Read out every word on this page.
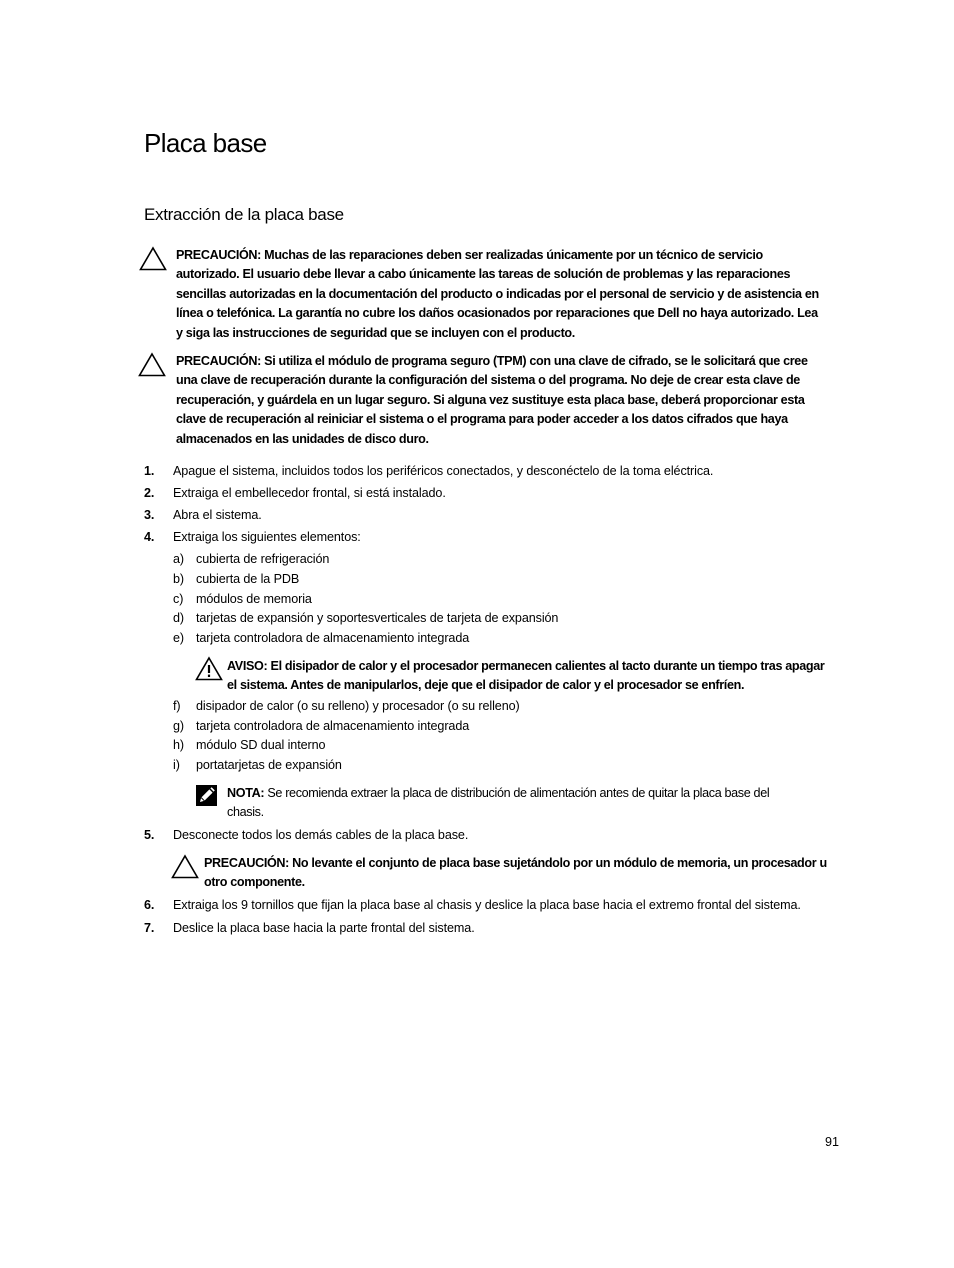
Placa base
Extracción de la placa base
PRECAUCIÓN: Muchas de las reparaciones deben ser realizadas únicamente por un técnico de servicio
autorizado. El usuario debe llevar a cabo únicamente las tareas de solución de problemas y las reparaciones
sencillas autorizadas en la documentación del producto o indicadas por el personal de servicio y de asistencia en
línea o telefónica. La garantía no cubre los daños ocasionados por reparaciones que Dell no haya autorizado. Lea
y siga las instrucciones de seguridad que se incluyen con el producto.
PRECAUCIÓN: Si utiliza el módulo de programa seguro (TPM) con una clave de cifrado, se le solicitará que cree
una clave de recuperación durante la configuración del sistema o del programa. No deje de crear esta clave de
recuperación, y guárdela en un lugar seguro. Si alguna vez sustituye esta placa base, deberá proporcionar esta
clave de recuperación al reiniciar el sistema o el programa para poder acceder a los datos cifrados que haya
almacenados en las unidades de disco duro.
1. Apague el sistema, incluidos todos los periféricos conectados, y desconéctelo de la toma eléctrica.
2. Extraiga el embellecedor frontal, si está instalado.
3. Abra el sistema.
4. Extraiga los siguientes elementos:
a) cubierta de refrigeración
b) cubierta de la PDB
c) módulos de memoria
d) tarjetas de expansión y soportesverticales de tarjeta de expansión
e) tarjeta controladora de almacenamiento integrada
AVISO: El disipador de calor y el procesador permanecen calientes al tacto durante un tiempo tras apagar
el sistema. Antes de manipularlos, deje que el disipador de calor y el procesador se enfríen.
f) disipador de calor (o su relleno) y procesador (o su relleno)
g) tarjeta controladora de almacenamiento integrada
h) módulo SD dual interno
i) portatarjetas de expansión
NOTA: Se recomienda extraer la placa de distribución de alimentación antes de quitar la placa base del
chasis.
5. Desconecte todos los demás cables de la placa base.
PRECAUCIÓN: No levante el conjunto de placa base sujetándolo por un módulo de memoria, un procesador u
otro componente.
6. Extraiga los 9 tornillos que fijan la placa base al chasis y deslice la placa base hacia el extremo frontal del sistema.
7. Deslice la placa base hacia la parte frontal del sistema.
91
